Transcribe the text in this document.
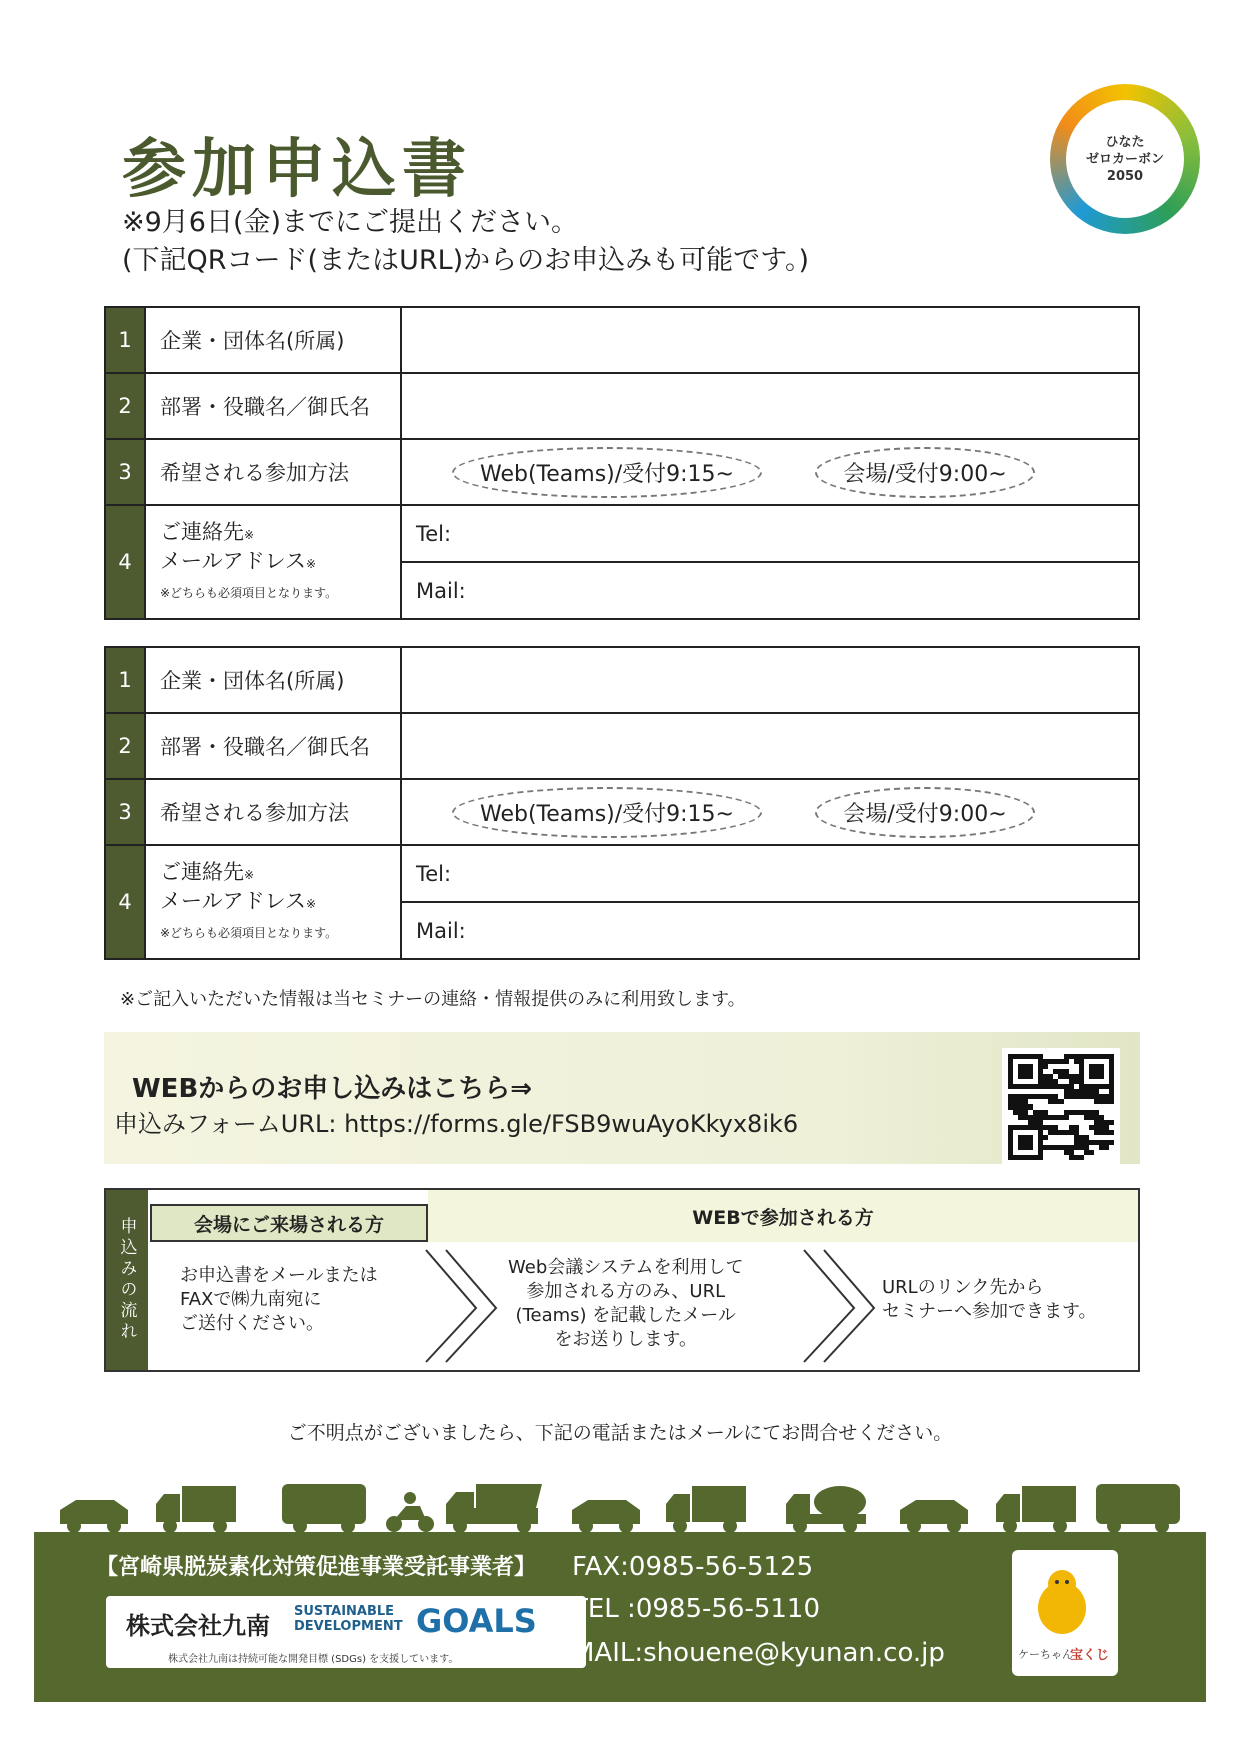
参加申込書
※9月6日(金)までにご提出ください。
(下記QRコード(またはURL)からのお申込みも可能です。)
ひなた
ゼロカーボン
2050
1	企業・団体名(所属)	
2	部署・役職名／御氏名	
3	希望される参加方法	Web(Teams)/受付9:15~ 会場/受付9:00~
4	ご連絡先※
メールアドレス※
※どちらも必須項目となります。	Tel:
		Mail:
1	企業・団体名(所属)	
2	部署・役職名／御氏名	
3	希望される参加方法	Web(Teams)/受付9:15~ 会場/受付9:00~
4	ご連絡先※
メールアドレス※
※どちらも必須項目となります。	Tel:
		Mail:
※ご記入いただいた情報は当セミナーの連絡・情報提供のみに利用致します。
WEBからのお申し込みはこちら⇒
申込みフォームURL: https://forms.gle/FSB9wuAyoKkyx8ik6
申込みの流れ	WEBで参加される方
会場にご来場される方
お申込書をメールまたは
FAXで㈱九南宛に
ご送付ください。
Web会議システムを利用して
参加される方のみ、URL
(Teams) を記載したメール
をお送りします。
URLのリンク先から
セミナーへ参加できます。
ご不明点がございましたら、下記の電話またはメールにてお問合せください。
【宮崎県脱炭素化対策促進事業受託事業者】
株式会社九南
SUSTAINABLE
DEVELOPMENT GOALS
株式会社九南は持続可能な開発目標 (SDGs) を支援しています。
FAX:0985-56-5125
TEL :0985-56-5110
MAIL:shouene@kyunan.co.jp	ケーちゃん
宝くじ
